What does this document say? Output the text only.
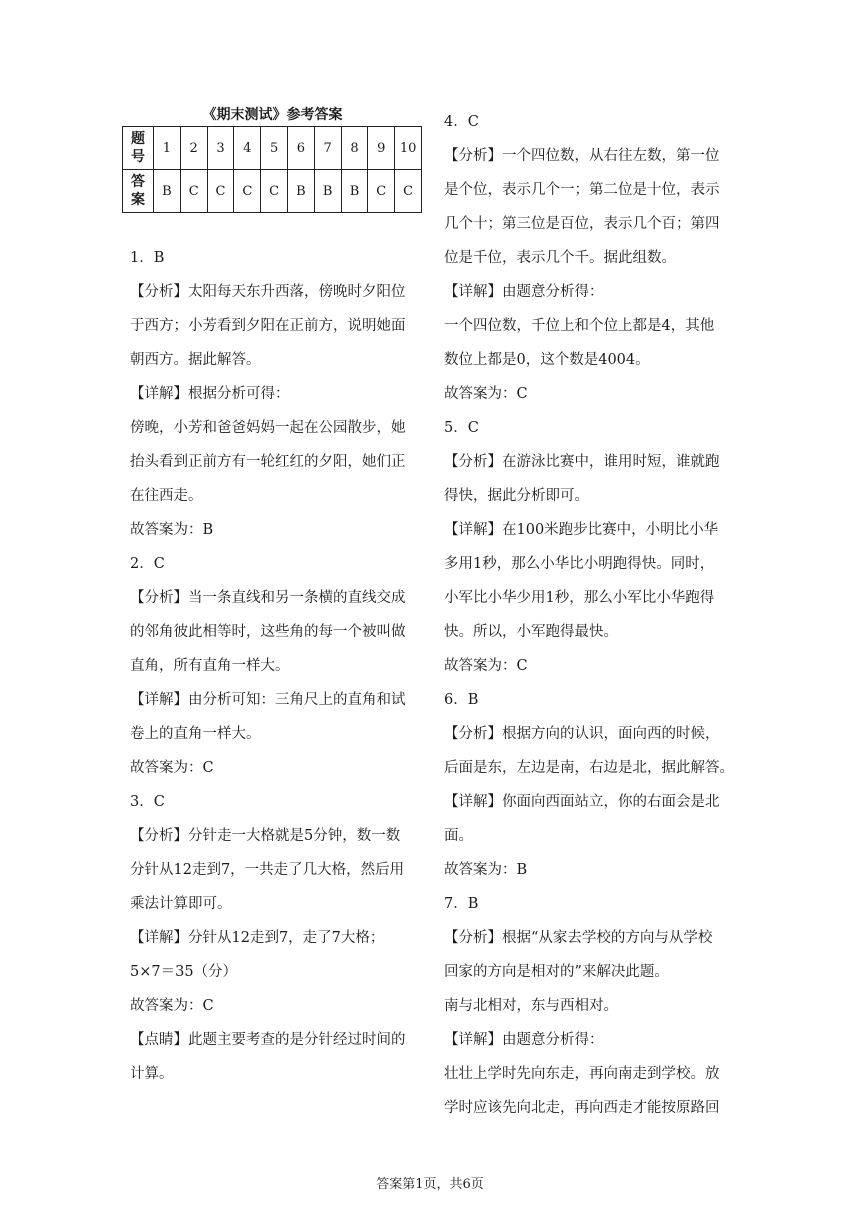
《期末测试》参考答案
题
号	1	2	3	4	5	6	7	8	9	10
答
案	B	C	C	C	C	B	B	B	C	C

1．B

【分析】太阳每天东升西落，傍晚时夕阳位

于西方；小芳看到夕阳在正前方，说明她面

朝西方。据此解答。

【详解】根据分析可得：

傍晚，小芳和爸爸妈妈一起在公园散步，她

抬头看到正前方有一轮红红的夕阳，她们正

在往西走。

故答案为：B

2．C

【分析】当一条直线和另一条横的直线交成

的邻角彼此相等时，这些角的每一个被叫做

直角，所有直角一样大。

【详解】由分析可知：三角尺上的直角和试

卷上的直角一样大。

故答案为：C

3．C

【分析】分针走一大格就是5分钟，数一数

分针从12走到7，一共走了几大格，然后用

乘法计算即可。

【详解】分针从12走到7，走了7大格；

5×7＝35（分）

故答案为：C

【点睛】此题主要考查的是分针经过时间的

计算。

4．C

【分析】一个四位数，从右往左数，第一位

是个位，表示几个一；第二位是十位，表示

几个十；第三位是百位，表示几个百；第四

位是千位，表示几个千。据此组数。

【详解】由题意分析得：

一个四位数，千位上和个位上都是4，其他

数位上都是0，这个数是4004。

故答案为：C

5．C

【分析】在游泳比赛中，谁用时短，谁就跑

得快，据此分析即可。

【详解】在100米跑步比赛中，小明比小华

多用1秒，那么小华比小明跑得快。同时，

小军比小华少用1秒，那么小军比小华跑得

快。所以，小军跑得最快。

故答案为：C

6．B

【分析】根据方向的认识，面向西的时候，

后面是东，左边是南，右边是北，据此解答。

【详解】你面向西面站立，你的右面会是北

面。

故答案为：B

7．B

【分析】根据“从家去学校的方向与从学校

回家的方向是相对的”来解决此题。

南与北相对，东与西相对。

【详解】由题意分析得：

壮壮上学时先向东走，再向南走到学校。放

学时应该先向北走，再向西走才能按原路回

答案第1页，共6页
